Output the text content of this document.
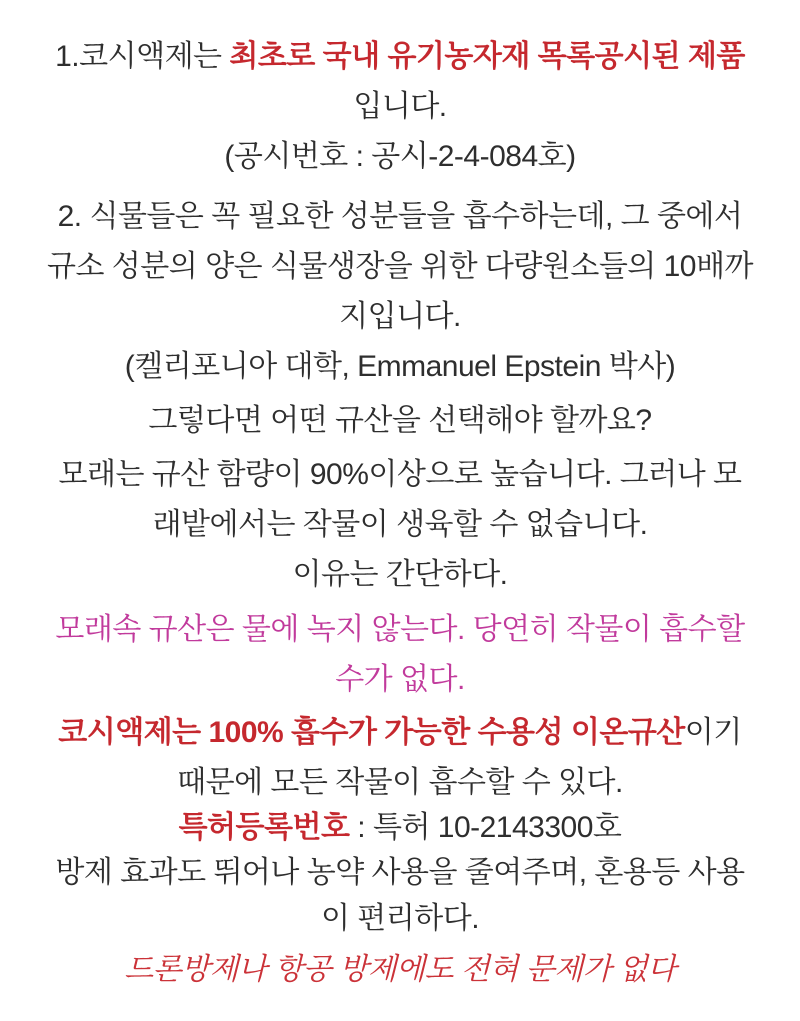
1.코시액제는 최초로 국내 유기농자재 목록공시된 제품
입니다.
(공시번호 : 공시-2-4-084호)
2. 식물들은 꼭 필요한 성분들을 흡수하는데, 그 중에서
규소 성분의 양은 식물생장을 위한 다량원소들의 10배까
지입니다.
(켈리포니아 대학, Emmanuel Epstein 박사)
그렇다면 어떤 규산을 선택해야 할까요?
모래는 규산 함량이 90%이상으로 높습니다. 그러나 모
래밭에서는 작물이 생육할 수 없습니다.
이유는 간단하다.
모래속 규산은 물에 녹지 않는다. 당연히 작물이 흡수할
수가 없다.
코시액제는 100% 흡수가 가능한 수용성 이온규산이기
때문에 모든 작물이 흡수할 수 있다.
특허등록번호 : 특허 10-2143300호
방제 효과도 뛰어나 농약 사용을 줄여주며, 혼용등 사용
이 편리하다.
드론방제나 항공 방제에도 전혀 문제가 없다
